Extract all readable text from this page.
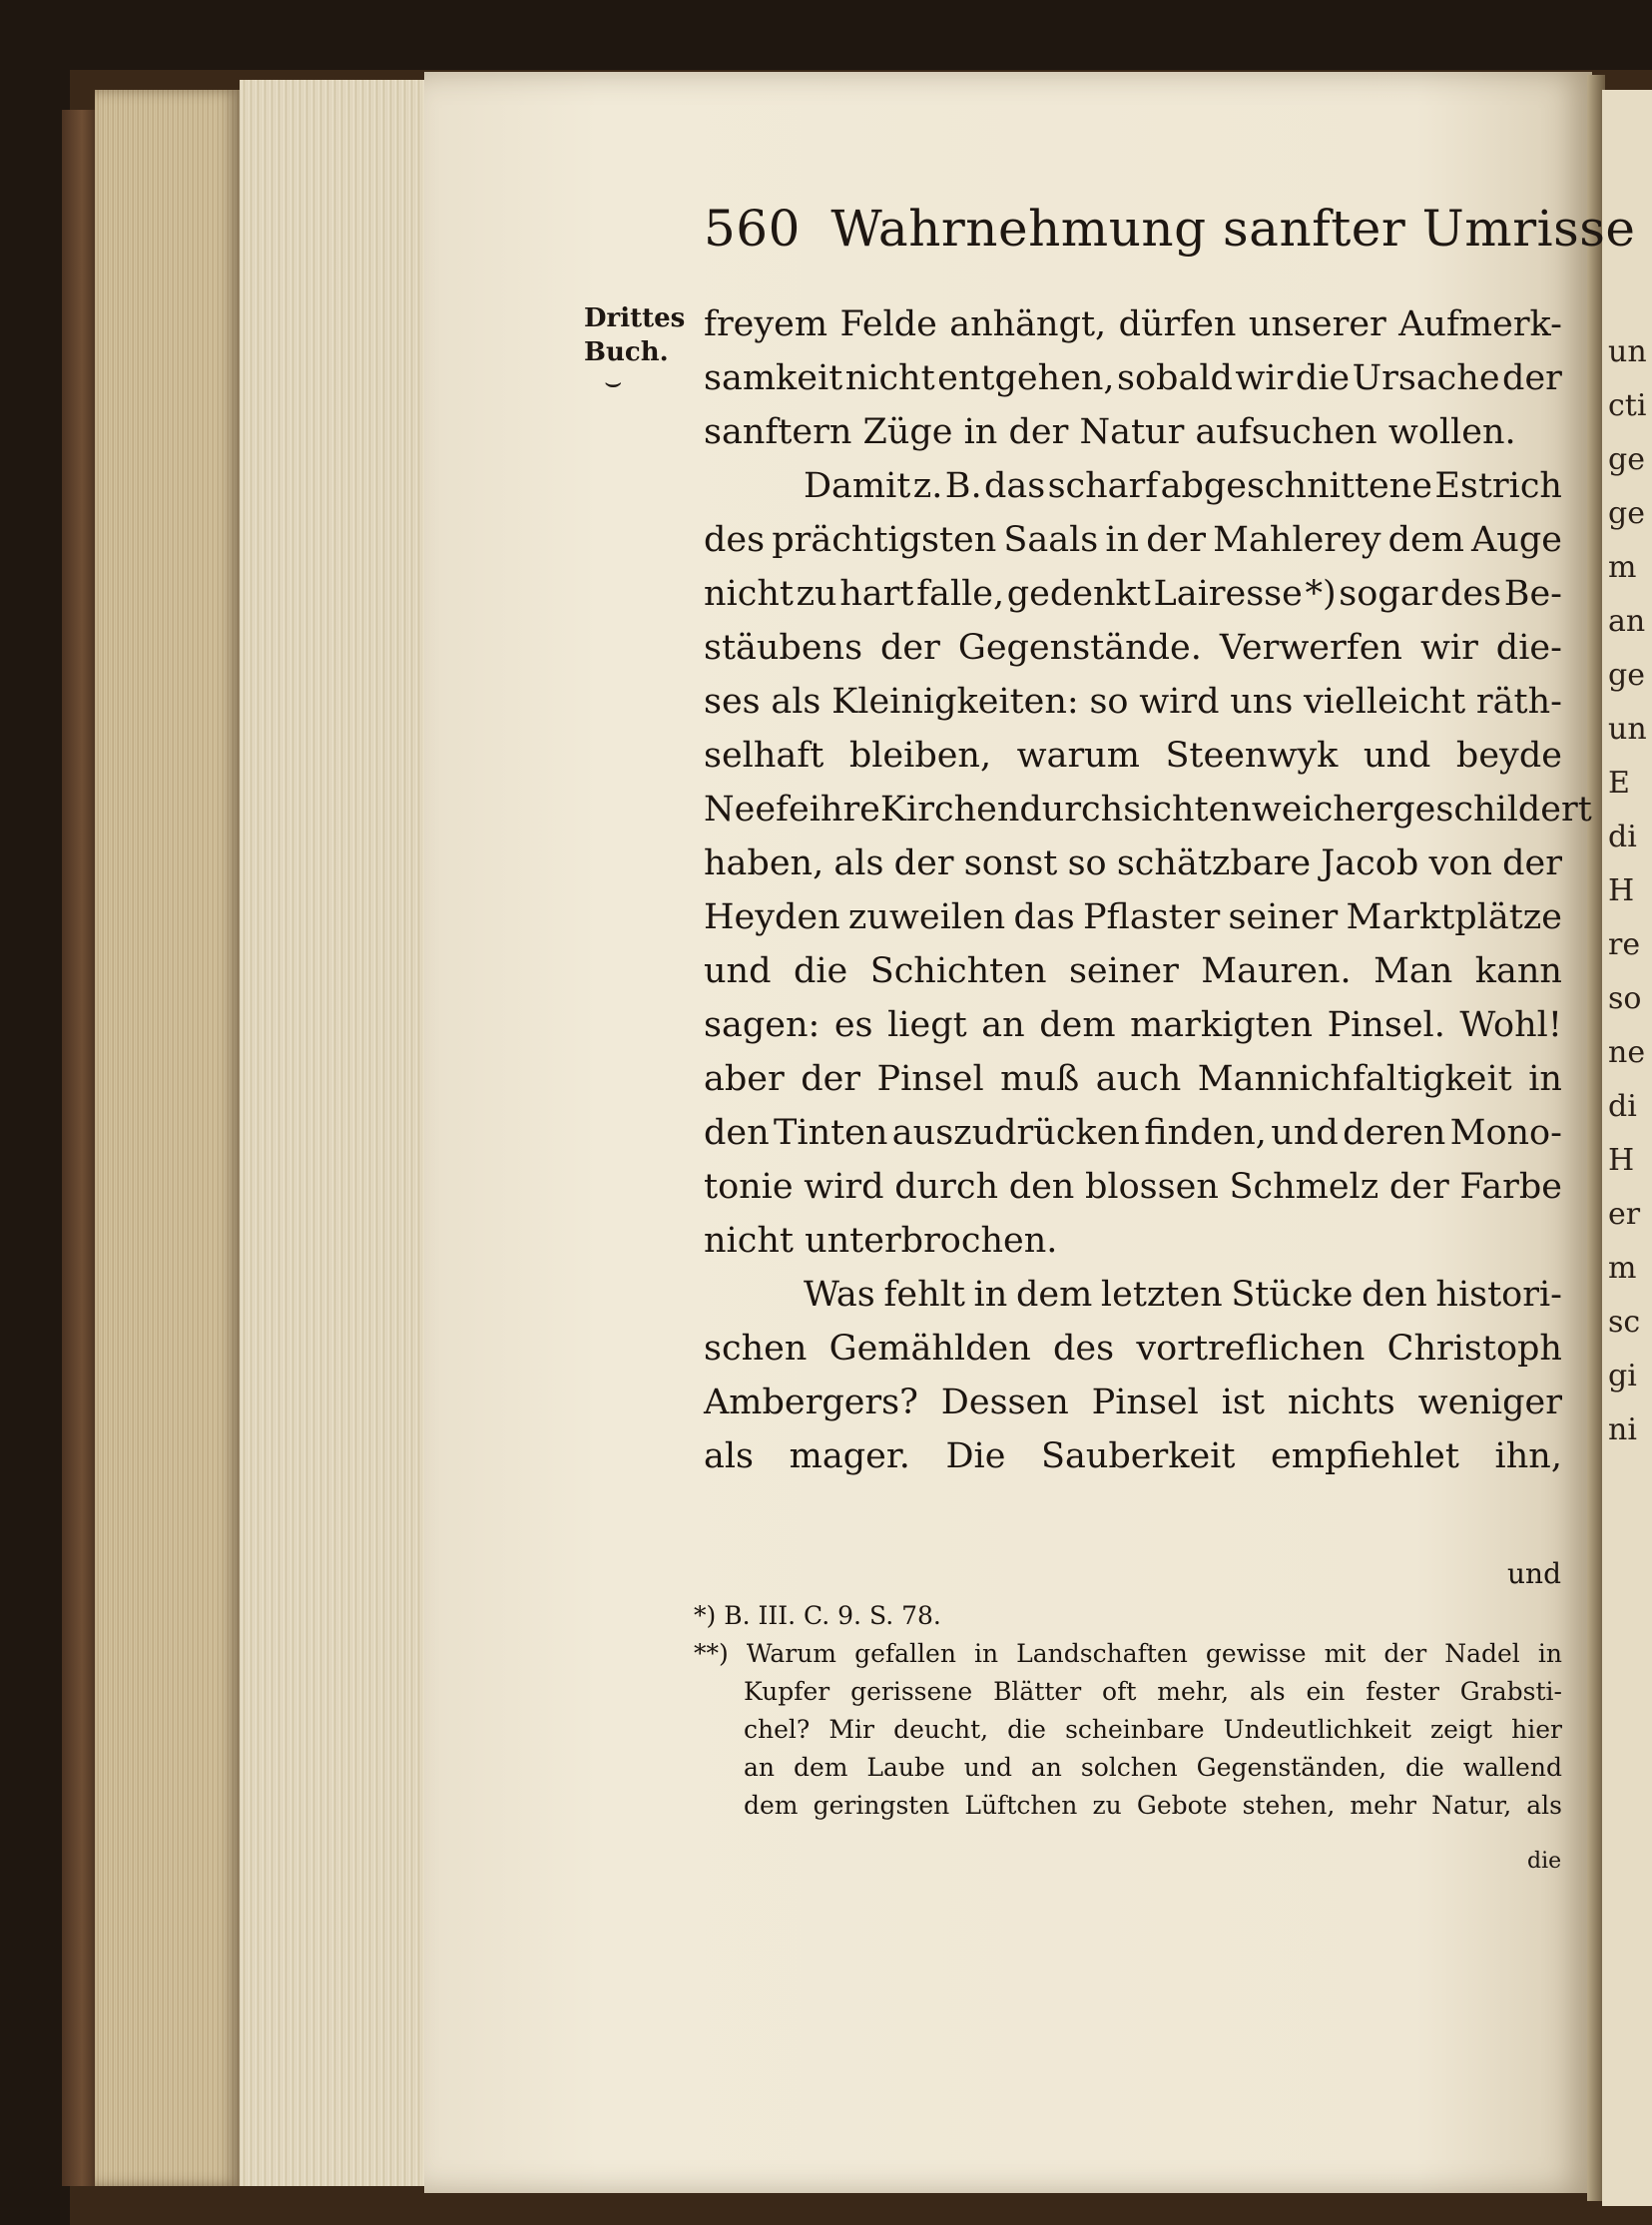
un
cti
ge
ge
m
an
ge
un
E
di
H
re
so
ne
di
H
er
m
sc
gi
ni
560 Wahrnehmung sanfter Umrisse
Drittes
Buch.
⌣
freyem Felde anhängt, dürfen unserer Aufmerk-
samkeit nicht entgehen, sobald wir die Ursache der
sanftern Züge in der Natur aufsuchen wollen.
Damit z. B. das scharf abgeschnittene Estrich
des prächtigsten Saals in der Mahlerey dem Auge
nicht zu hart falle, gedenkt Lairesse *) sogar des Be-
stäubens der Gegenstände. Verwerfen wir die-
ses als Kleinigkeiten: so wird uns vielleicht räth-
selhaft bleiben, warum Steenwyk und beyde
Neefe ihre Kirchendurchsichten weicher geschildert
haben, als der sonst so schätzbare Jacob von der
Heyden zuweilen das Pflaster seiner Marktplätze
und die Schichten seiner Mauren. Man kann
sagen: es liegt an dem markigten Pinsel. Wohl!
aber der Pinsel muß auch Mannichfaltigkeit in
den Tinten auszudrücken finden, und deren Mono-
tonie wird durch den blossen Schmelz der Farbe
nicht unterbrochen.
Was fehlt in dem letzten Stücke den histori-
schen Gemählden des vortreflichen Christoph
Ambergers? Dessen Pinsel ist nichts weniger
als mager. Die Sauberkeit empfiehlet ihn,
und
*) B. III. C. 9. S. 78.
**) Warum gefallen in Landschaften gewisse mit der Nadel in
Kupfer gerissene Blätter oft mehr, als ein fester Grabsti-
chel? Mir deucht, die scheinbare Undeutlichkeit zeigt hier
an dem Laube und an solchen Gegenständen, die wallend
dem geringsten Lüftchen zu Gebote stehen, mehr Natur, als
die
